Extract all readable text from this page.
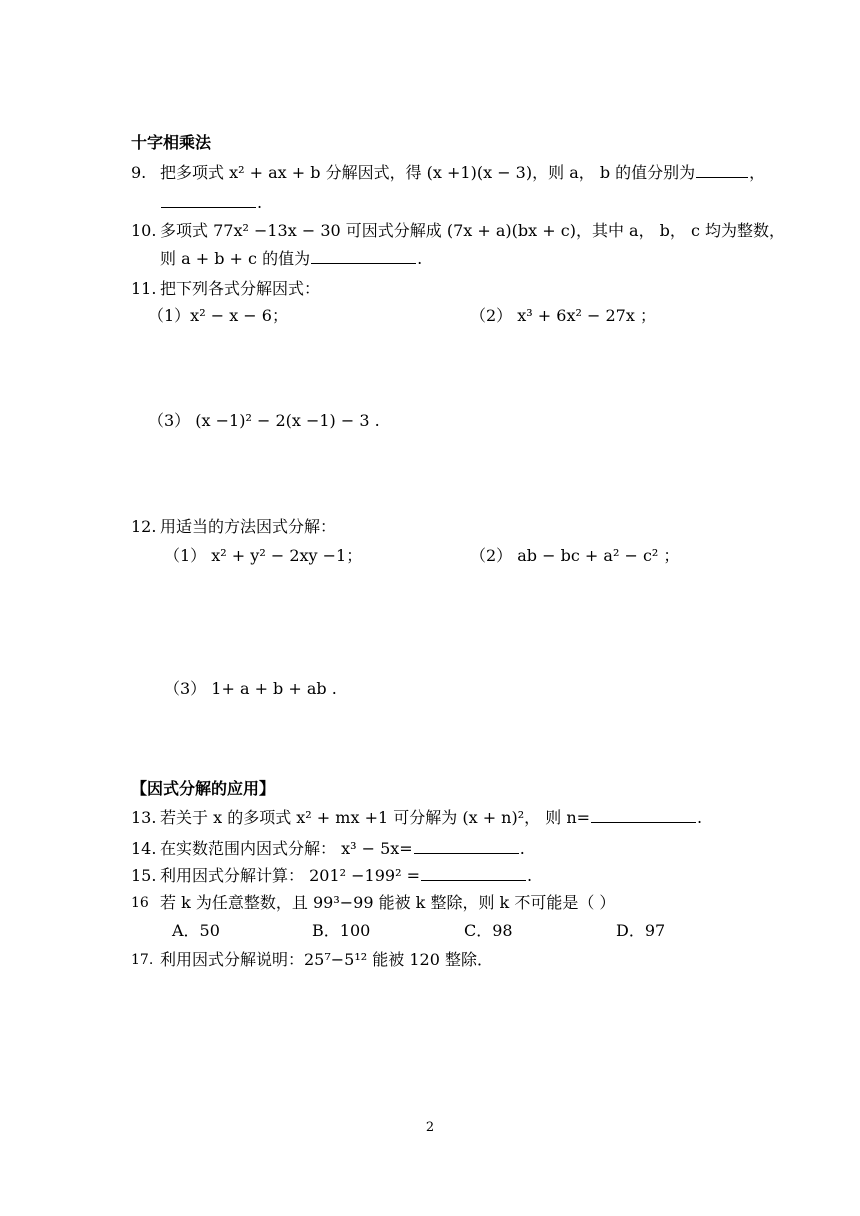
十字相乘法
9. 把多项式 x² + ax + b 分解因式，得 (x +1)(x − 3)，则 a， b 的值分别为	，
.
10. 多项式 77x² −13x − 30 可因式分解成 (7x + a)(bx + c)，其中 a， b， c 均为整数，
则 a + b + c 的值为	.
11. 把下列各式分解因式：
（1）x² − x − 6；	（2） x³ + 6x² − 27x ；
（3） (x −1)² − 2(x −1) − 3 .
12. 用适当的方法因式分解：
（1） x² + y² − 2xy −1；	（2） ab − bc + a² − c² ；
（3） 1+ a + b + ab .
【因式分解的应用】
13. 若关于 x 的多项式 x² + mx +1 可分解为 (x + n)²， 则 n=	.
14. 在实数范围内因式分解： x³ − 5x=	.
15. 利用因式分解计算： 201² −199² =	.
16 若 k 为任意整数，且 99³−99 能被 k 整除，则 k 不可能是（ ）
A．50	B．100	C．98	D．97
17. 利用因式分解说明：25⁷−5¹² 能被 120 整除．
2
